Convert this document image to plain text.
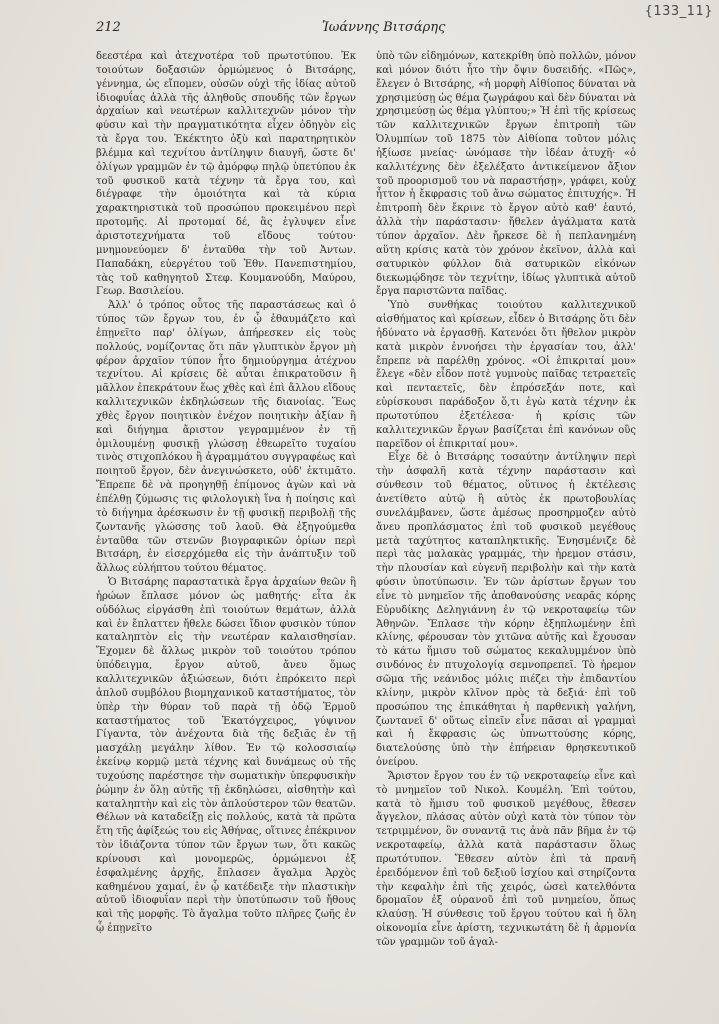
{133_11}
212	Ἰωάννης Βιτσάρης

δεεστέρα καὶ ἀτεχνοτέρα τοῦ πρωτοτύπου. Ἐκ τοιούτων δοξασιῶν ὁρμώμενος ὁ Βιτσάρης, γέννημα, ὡς εἴπομεν, οὐσῶν οὐχὶ τῆς ἰδίας αὐτοῦ ἰδιοφυΐας ἀλλὰ τῆς ἀληθοῦς σπουδῆς τῶν ἔργων ἀρχαίων καὶ νεωτέρων καλλιτεχνῶν μόνον τὴν φύσιν καὶ τὴν πραγματικότητα εἶχεν ὁδηγὸν εἰς τὰ ἔργα του. Ἐκέκτητο ὀξὺ καὶ παρατηρητικὸν βλέμμα καὶ τεχνίτου ἀντίληψιν διαυγῆ, ὥστε δι' ὀλίγων γραμμῶν ἐν τῷ ἀμόρφῳ πηλῷ ὑπετύπου ἐκ τοῦ φυσικοῦ κατὰ τέχνην τὰ ἔργα του, καὶ διέγραφε τὴν ὁμοιότητα καὶ τὰ κύρια χαρακτηριστικὰ τοῦ προσώπου προκειμένου περὶ προτομῆς. Αἱ προτομαί δέ, ἃς ἐγλυψεν εἶνε ἀριστοτεχνήματα τοῦ εἴδους τούτου· μνημονεύομεν δ' ἐνταῦθα τὴν τοῦ Ἀντων. Παπαδάκη, εὐεργέτου τοῦ Ἐθν. Πανεπιστημίου, τὰς τοῦ καθηγητοῦ Στεφ. Κουμανούδη, Μαύρου, Γεωρ. Βασιλείου.

Ἀλλ' ὁ τρόπος οὗτος τῆς παραστάσεως καὶ ὁ τύπος τῶν ἔργων του, ἐν ᾧ ἐθαυμάζετο καὶ ἐπῃνεῖτο παρ' ὀλίγων, ἀπήρεσκεν εἰς τοὺς πολλούς, νομίζοντας ὅτι πᾶν γλυπτικὸν ἔργον μὴ φέρον ἀρχαῖον τύπον ἦτο δημιούργημα ἀτέχνου τεχνίτου. Αἱ κρίσεις δὲ αὗται ἐπικρατοῦσιν ἢ μᾶλλον ἐπεκράτουν ἕως χθὲς καὶ ἐπὶ ἄλλου εἴδους καλλιτεχνικῶν ἐκδηλώσεων τῆς διανοίας. Ἕως χθὲς ἔργον ποιητικὸν ἐνέχον ποιητικὴν ἀξίαν ἢ καὶ διήγημα ἄριστον γεγραμμένον ἐν τῇ ὁμιλουμένῃ φυσικῇ γλώσσῃ ἐθεωρεῖτο τυχαίου τινὸς στιχοπλόκου ἢ ἀγραμμάτου συγγραφέως καὶ ποιητοῦ ἔργον, δὲν ἀνεγινώσκετο, οὐδ' ἐκτιμᾶτο. Ἔπρεπε δὲ νὰ προηγηθῇ ἐπίμονος ἀγὼν καὶ νὰ ἐπέλθῃ ζύμωσις τις φιλολογικὴ ἵνα ἡ ποίησις καὶ τὸ διήγημα ἀρέσκωσιν ἐν τῇ φυσικῇ περιβολῇ τῆς ζωντανῆς γλώσσης τοῦ λαοῦ. Θὰ ἐξηγούμεθα ἐνταῦθα τῶν στενῶν βιογραφικῶν ὁρίων περὶ Βιτσάρη, ἐν εἰσερχόμεθα εἰς τὴν ἀνάπτυξιν τοῦ ἄλλως εὐλήπτου τούτου θέματος.

Ὁ Βιτσάρης παραστατικὰ ἔργα ἀρχαίων θεῶν ἢ ἡρώων ἔπλασε μόνον ὡς μαθητής· εἶτα ἐκ οὐδόλως εἰργάσθη ἐπὶ τοιούτων θεμάτων, ἀλλὰ καὶ ἐν ἔπλαττεν ἤθελε δώσει ἴδιον φυσικὸν τύπον καταληπτὸν εἰς τὴν νεωτέραν καλαισθησίαν. Ἔχομεν δὲ ἄλλως μικρὸν τοῦ τοιούτου τρόπου ὑπόδειγμα, ἔργον αὐτοῦ, ἄνευ ὅμως καλλιτεχνικῶν ἀξιώσεων, διότι ἐπρόκειτο περὶ ἁπλοῦ συμβόλου βιομηχανικοῦ καταστήματος, τὸν ὑπὲρ τὴν θύραν τοῦ παρὰ τῇ ὁδῷ Ἑρμοῦ καταστήματος τοῦ Ἑκατόγχειρος, γύψινον Γίγαντα, τὸν ἀνέχοντα διὰ τῆς δεξιᾶς ἐν τῇ μασχάλῃ μεγάλην λίθον. Ἐν τῷ κολοσσιαίῳ ἐκείνῳ κορμῷ μετὰ τέχνης καὶ δυνάμεως οὐ τῆς τυχούσης παρέστησε τὴν σωματικὴν ὑπερφυσικὴν ῥώμην ἐν ὅλῃ αὐτῆς τῇ ἐκδηλώσει, αἰσθητὴν καὶ καταληπτὴν καὶ εἰς τὸν ἁπλούστερον τῶν θεατῶν. Θέλων νὰ καταδείξῃ εἰς πολλούς, κατὰ τὰ πρῶτα ἔτη τῆς ἀφίξεώς του εἰς Ἀθήνας, οἵτινες ἐπέκρινον τὸν ἰδιάζοντα τύπον τῶν ἔργων των, ὅτι κακῶς κρίνουσι καὶ μονομερῶς, ὁρμώμενοι ἐξ ἐσφαλμένης ἀρχῆς, ἔπλασεν ἄγαλμα Ἀρχὸς καθημένου χαμαί, ἐν ᾧ κατέδειξε τὴν πλαστικὴν αὐτοῦ ἰδιοφυΐαν περὶ τὴν ὑποτύπωσιν τοῦ ἤθους καὶ τῆς μορφῆς. Τὸ ἄγαλμα τοῦτο πλῆρες ζωῆς ἐν ᾧ ἐπῃνεῖτο

ὑπὸ τῶν εἰδημόνων, κατεκρίθη ὑπὸ πολλῶν, μόνον καὶ μόνον διότι ἦτο τὴν ὄψιν δυσειδής. «Πῶς», ἔλεγεν ὁ Βιτσάρης, «ἡ μορφὴ Αἰθίοπος δύναται νὰ χρησιμεύσῃ ὡς θέμα ζωγράφου καὶ δὲν δύναται νὰ χρησιμεύσῃ ὡς θέμα γλύπτου;» Ἡ ἐπὶ τῆς κρίσεως τῶν καλλιτεχνικῶν ἔργων ἐπιτροπὴ τῶν Ὀλυμπίων τοῦ 1875 τὸν Αἰθίοπα τοῦτον μόλις ἠξίωσε μνείας· ὠνόμασε τὴν ἰδέαν ἀτυχῆ· «ὁ καλλιτέχνης δὲν ἐξελέξατο ἀντικείμενον ἄξιον τοῦ προορισμοῦ του νὰ παραστήσῃ», γράφει, κοὐχ ἧττον ἡ ἔκφρασις τοῦ ἄνω σώματος ἐπιτυχής». Ἡ ἐπιτροπὴ δὲν ἔκρινε τὸ ἔργον αὐτὸ καθ' ἑαυτό, ἀλλὰ τὴν παράστασιν· ἤθελεν ἀγάλματα κατὰ τύπον ἀρχαῖον. Δὲν ἤρκεσε δὲ ἡ πεπλανημένη αὕτη κρίσις κατὰ τὸν χρόνον ἐκεῖνον, ἀλλὰ καὶ σατυρικὸν φύλλον διὰ σατυρικῶν εἰκόνων διεκωμῴδησε τὸν τεχνίτην, ἰδίως γλυπτικὰ αὐτοῦ ἔργα παριστῶντα παῖδας.

Ὑπὸ συνθήκας τοιούτου καλλιτεχνικοῦ αἰσθήματος καὶ κρίσεων, εἶδεν ὁ Βιτσάρης ὅτι δὲν ἠδύνατο νὰ ἐργασθῇ. Κατενόει ὅτι ἤθελον μικρὸν κατὰ μικρὸν ἐννοήσει τὴν ἐργασίαν του, ἀλλ' ἔπρεπε νὰ παρέλθῃ χρόνος. «Οἱ ἐπικριταί μου» ἔλεγε «δὲν εἶδον ποτὲ γυμνοὺς παῖδας τετραετεῖς καὶ πενταετεῖς, δὲν ἐπρόσεξάν ποτε, καὶ εὑρίσκουσι παράδοξον ὅ,τι ἐγὼ κατὰ τέχνην ἐκ πρωτοτύπου ἐξετέλεσα· ἡ κρίσις τῶν καλλιτεχνικῶν ἔργων βασίζεται ἐπὶ κανόνων οὓς παρεῖδον οἱ ἐπικριταί μου».

Εἶχε δὲ ὁ Βιτσάρης τοσαύτην ἀντίληψιν περὶ τὴν ἀσφαλῆ κατὰ τέχνην παράστασιν καὶ σύνθεσιν τοῦ θέματος, οὕτινος ἡ ἐκτέλεσις ἀνετίθετο αὐτῷ ἢ αὐτὸς ἐκ πρωτοβουλίας συνελάμβανεν, ὥστε ἀμέσως προσηρμοζεν αὐτὸ ἄνευ προπλάσματος ἐπὶ τοῦ φυσικοῦ μεγέθους μετὰ ταχύτητος καταπληκτικῆς. Ἐνησμένιζε δὲ περὶ τὰς μαλακὰς γραμμάς, τὴν ἠρεμον στάσιν, τὴν πλουσίαν καὶ εὐγενῆ περιβολὴν καὶ τὴν κατὰ φύσιν ὑποτύπωσιν. Ἐν τῶν ἀρίστων ἔργων του εἶνε τὸ μνημεῖον τῆς ἀποθανούσης νεαρᾶς κόρης Εὐρυδίκης Δεληγιάννη ἐν τῷ νεκροταφείῳ τῶν Ἀθηνῶν. Ἔπλασε τὴν κόρην ἐξηπλωμένην ἐπὶ κλίνης, φέρουσαν τὸν χιτῶνα αὐτῆς καὶ ἔχουσαν τὸ κάτω ἥμισυ τοῦ σώματος κεκαλυμμένον ὑπὸ σινδόνος ἐν πτυχολογίᾳ σεμνοπρεπεῖ. Τὸ ἠρεμον σῶμα τῆς νεάνιδος μόλις πιέζει τὴν ἐπιδαντίου κλίνην, μικρὸν κλῖνον πρὸς τὰ δεξιά· ἐπὶ τοῦ προσώπου της ἐπικάθηται ἡ παρθενικὴ γαλήνη, ζωντανεῖ δ' οὕτως εἰπεῖν εἶνε πᾶσαι αἱ γραμμαὶ καὶ ἡ ἔκφρασις ὡς ὑπνωττούσης κόρης, διατελούσης ὑπὸ τὴν ἐπήρειαν θρησκευτικοῦ ὀνείρου.

Ἄριστον ἔργον του ἐν τῷ νεκροταφείῳ εἶνε καὶ τὸ μνημεῖον τοῦ Νικολ. Κουμέλη. Ἐπὶ τούτου, κατὰ τὸ ἥμισυ τοῦ φυσικοῦ μεγέθους, ἔθεσεν ἄγγελον, πλάσας αὐτὸν οὐχὶ κατὰ τὸν τύπον τὸν τετριμμένον, ὃν συναντᾷ τις ἀνὰ πᾶν βῆμα ἐν τῷ νεκροταφείῳ, ἀλλὰ κατὰ παράστασιν ὅλως πρωτότυπον. Ἔθεσεν αὐτὸν ἐπὶ τὰ πρανῆ ἐρειδόμενον ἐπὶ τοῦ δεξιοῦ ἰσχίου καὶ στηρίζοντα τὴν κεφαλὴν ἐπὶ τῆς χειρός, ὡσεὶ κατελθόντα δρομαῖον ἐξ οὐρανοῦ ἐπὶ τοῦ μνημείου, ὅπως κλαύσῃ. Ἡ σύνθεσις τοῦ ἔργου τούτου καὶ ἡ ὅλη οἰκονομία εἶνε ἀρίστη, τεχνικωτάτη δὲ ἡ ἁρμονία τῶν γραμμῶν τοῦ ἀγαλ-
